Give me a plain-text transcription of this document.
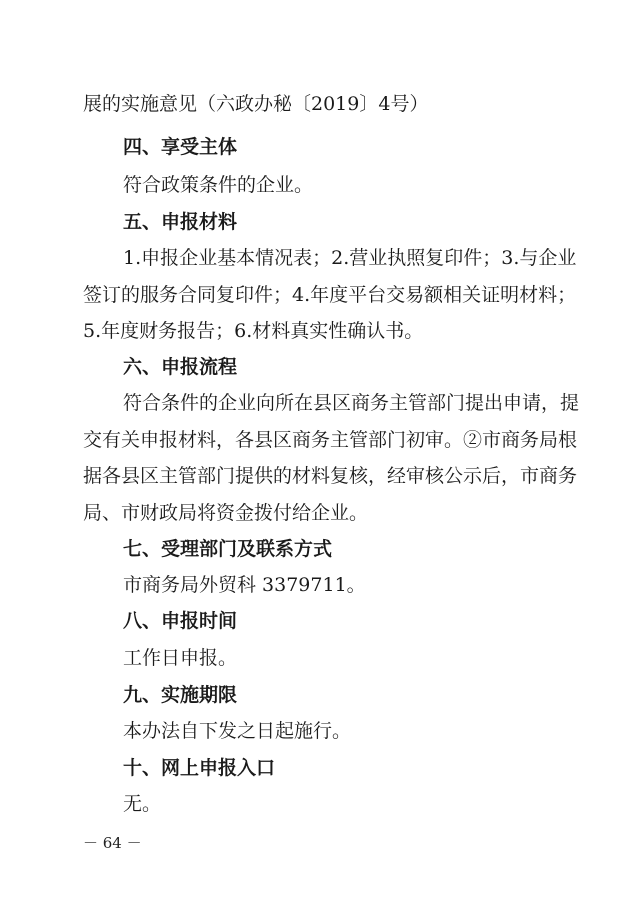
展的实施意见（六政办秘〔2019〕4号）
四、享受主体
符合政策条件的企业。
五、申报材料
1.申报企业基本情况表；2.营业执照复印件；3.与企业
签订的服务合同复印件；4.年度平台交易额相关证明材料；
5.年度财务报告；6.材料真实性确认书。
六、申报流程
符合条件的企业向所在县区商务主管部门提出申请，提
交有关申报材料，各县区商务主管部门初审。②市商务局根
据各县区主管部门提供的材料复核，经审核公示后，市商务
局、市财政局将资金拨付给企业。
七、受理部门及联系方式
市商务局外贸科 3379711。
八、申报时间
工作日申报。
九、实施期限
本办法自下发之日起施行。
十、网上申报入口
无。
－ 64 －
